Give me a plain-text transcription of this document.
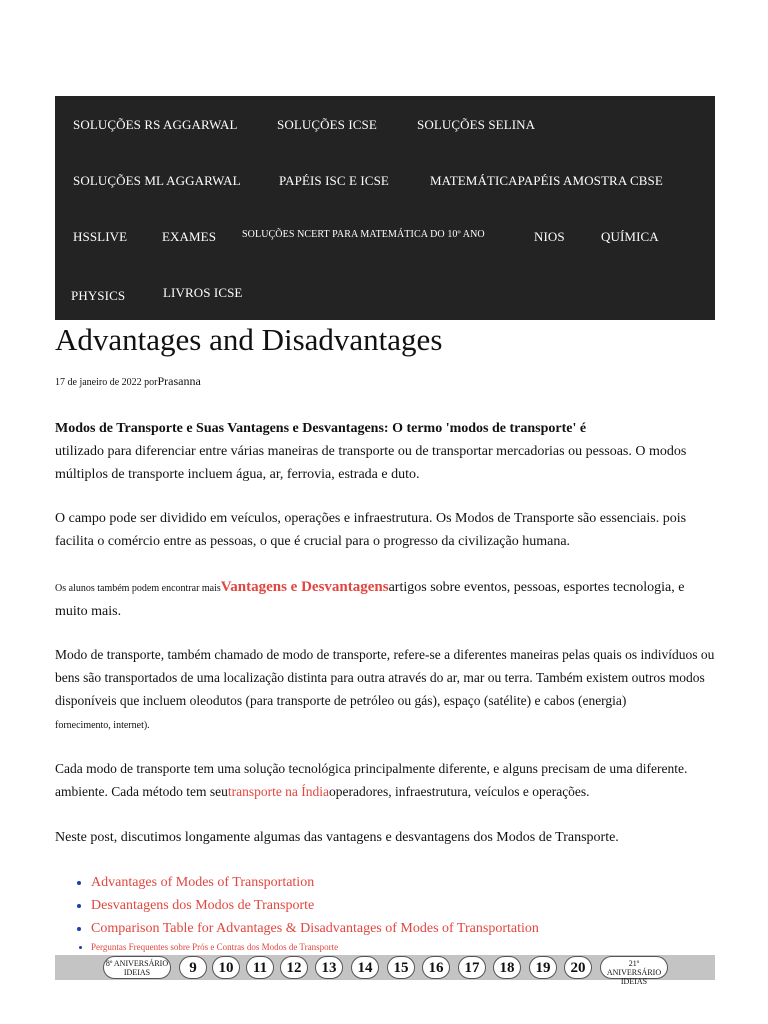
SOLUÇÕES RS AGGARWAL	SOLUÇÕES ICSE	SOLUÇÕES SELINA
SOLUÇÕES ML AGGARWAL	PAPÉIS ISC E ICSE	MATEMÁTICAPAPÉIS AMOSTRA CBSE
HSSLIVE	EXAMES	SOLUÇÕES NCERT PARA MATEMÁTICA DO 10º ANO	NIOS	QUÍMICA
PHYSICS	LIVROS ICSE
Advantages and Disadvantages
17 de janeiro de 2022 porPrasanna

Modos de Transporte e Suas Vantagens e Desvantagens: O termo 'modos de transporte' é
utilizado para diferenciar entre várias maneiras de transporte ou de transportar mercadorias ou pessoas. O modos múltiplos de transporte incluem água, ar, ferrovia, estrada e duto.

O campo pode ser dividido em veículos, operações e infraestrutura. Os Modos de Transporte são essenciais. pois facilita o comércio entre as pessoas, o que é crucial para o progresso da civilização humana.

Os alunos também podem encontrar maisVantagens e Desvantagensartigos sobre eventos, pessoas, esportes tecnologia, e muito mais.

Modo de transporte, também chamado de modo de transporte, refere-se a diferentes maneiras pelas quais os indivíduos ou bens são transportados de uma localização distinta para outra através do ar, mar ou terra. Também existem outros modos disponíveis que incluem oleodutos (para transporte de petróleo ou gás), espaço (satélite) e cabos (energia)
fornecimento, internet).

Cada modo de transporte tem uma solução tecnológica principalmente diferente, e alguns precisam de uma diferente. ambiente. Cada método tem seutransporte na Índiaoperadores, infraestrutura, veículos e operações.

Neste post, discutimos longamente algumas das vantagens e desvantagens dos Modos de Transporte.

• Advantages of Modes of Transportation
• Desvantagens dos Modos de Transporte
• Comparison Table for Advantages & Disadvantages of Modes of Transportation
• Perguntas Frequentes sobre Prós e Contras dos Modos de Transporte
8º ANIVERSÁRIO
IDEIAS	9	10	11	12	13	14	15	16	17	18	19	20	21º ANIVERSÁRIO
IDEIAS
